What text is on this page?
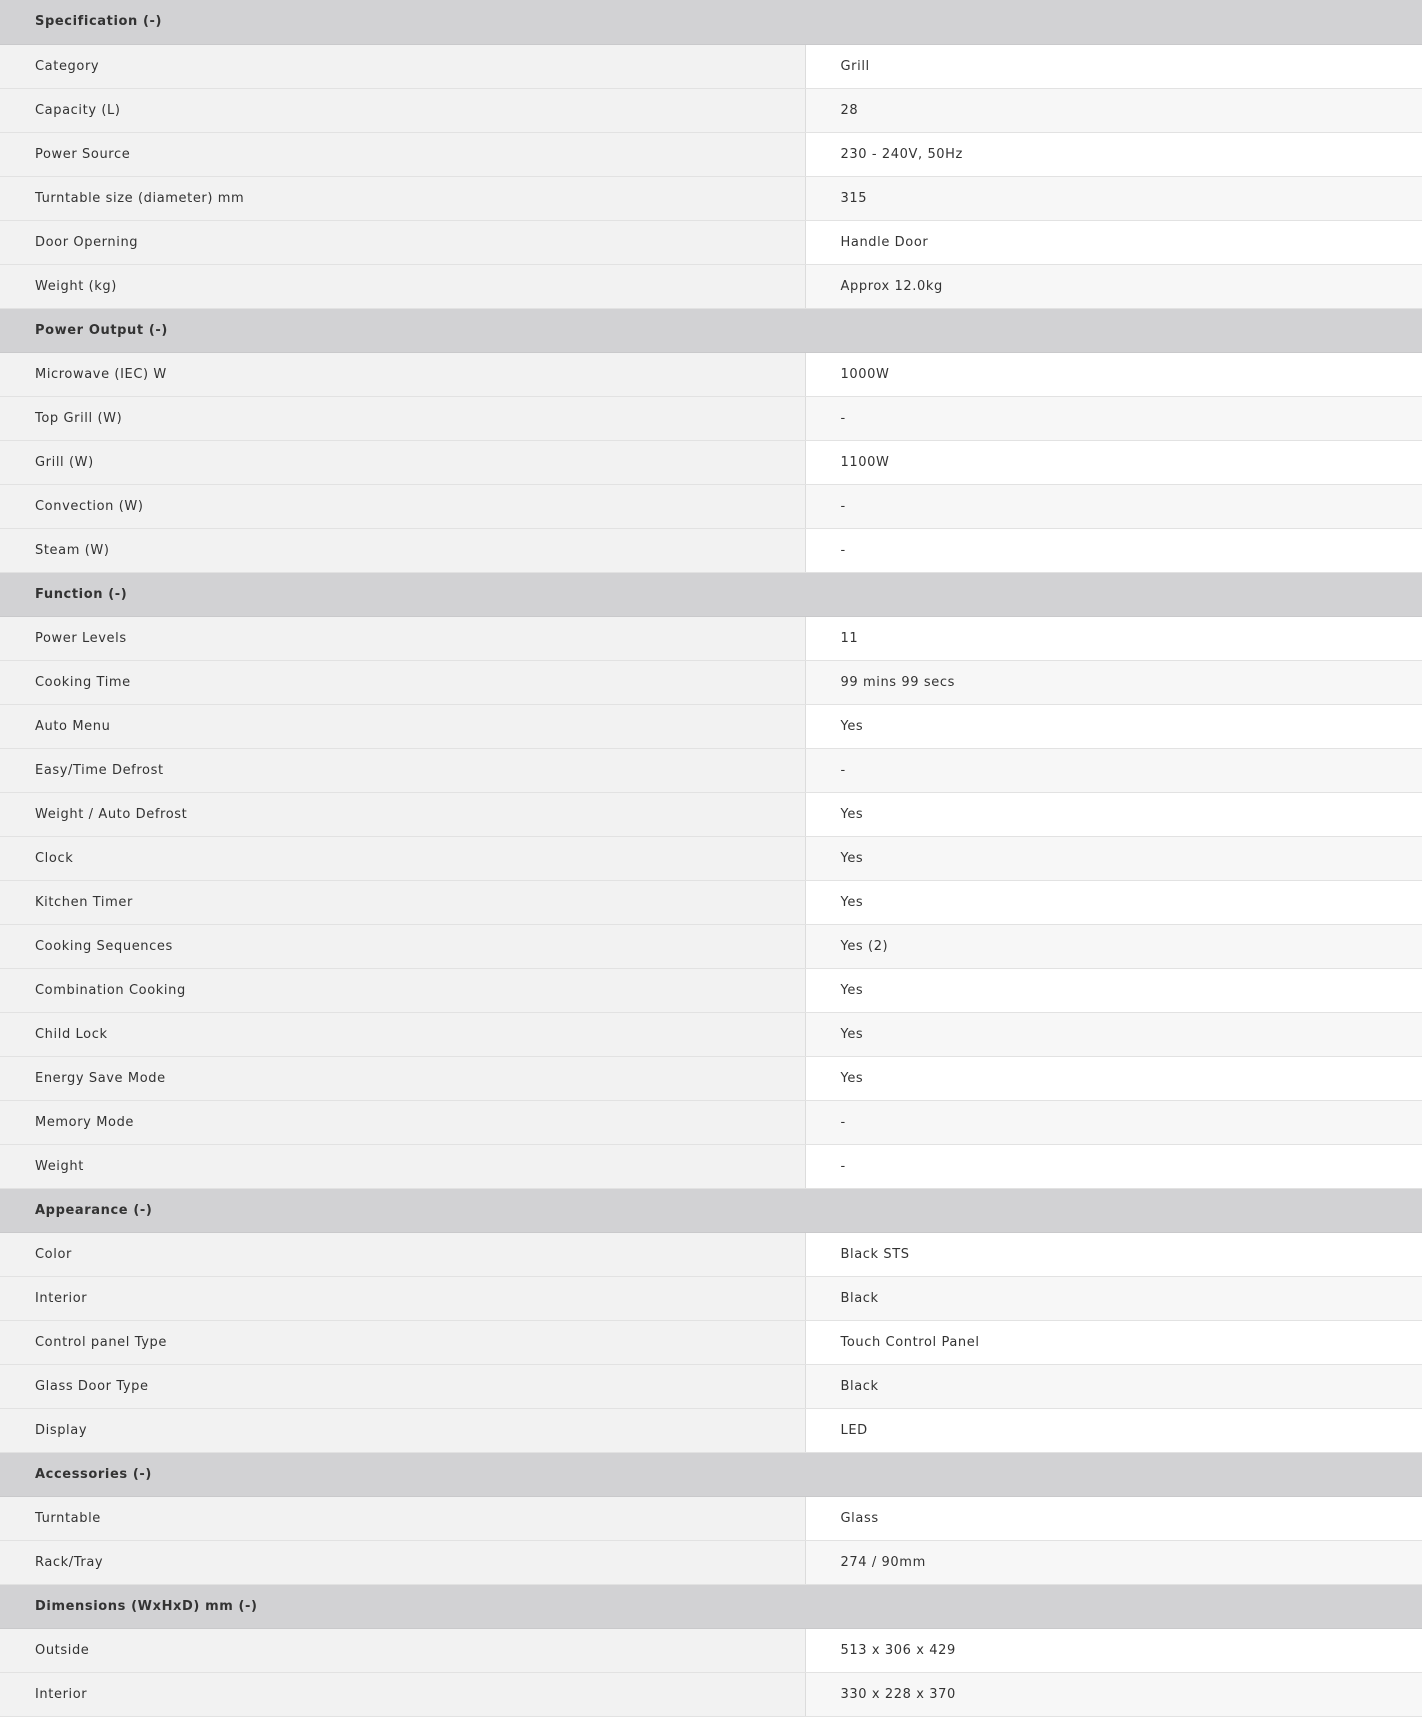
Specification (-)	
Category	Grill
Capacity (L)	28
Power Source	230 - 240V, 50Hz
Turntable size (diameter) mm	315
Door Operning	Handle Door
Weight (kg)	Approx 12.0kg
Power Output (-)	
Microwave (IEC) W	1000W
Top Grill (W)	-
Grill (W)	1100W
Convection (W)	-
Steam (W)	-
Function (-)	
Power Levels	11
Cooking Time	99 mins 99 secs
Auto Menu	Yes
Easy/Time Defrost	-
Weight / Auto Defrost	Yes
Clock	Yes
Kitchen Timer	Yes
Cooking Sequences	Yes (2)
Combination Cooking	Yes
Child Lock	Yes
Energy Save Mode	Yes
Memory Mode	-
Weight	-
Appearance (-)	
Color	Black STS
Interior	Black
Control panel Type	Touch Control Panel
Glass Door Type	Black
Display	LED
Accessories (-)	
Turntable	Glass
Rack/Tray	274 / 90mm
Dimensions (WxHxD) mm (-)	
Outside	513 x 306 x 429
Interior	330 x 228 x 370
